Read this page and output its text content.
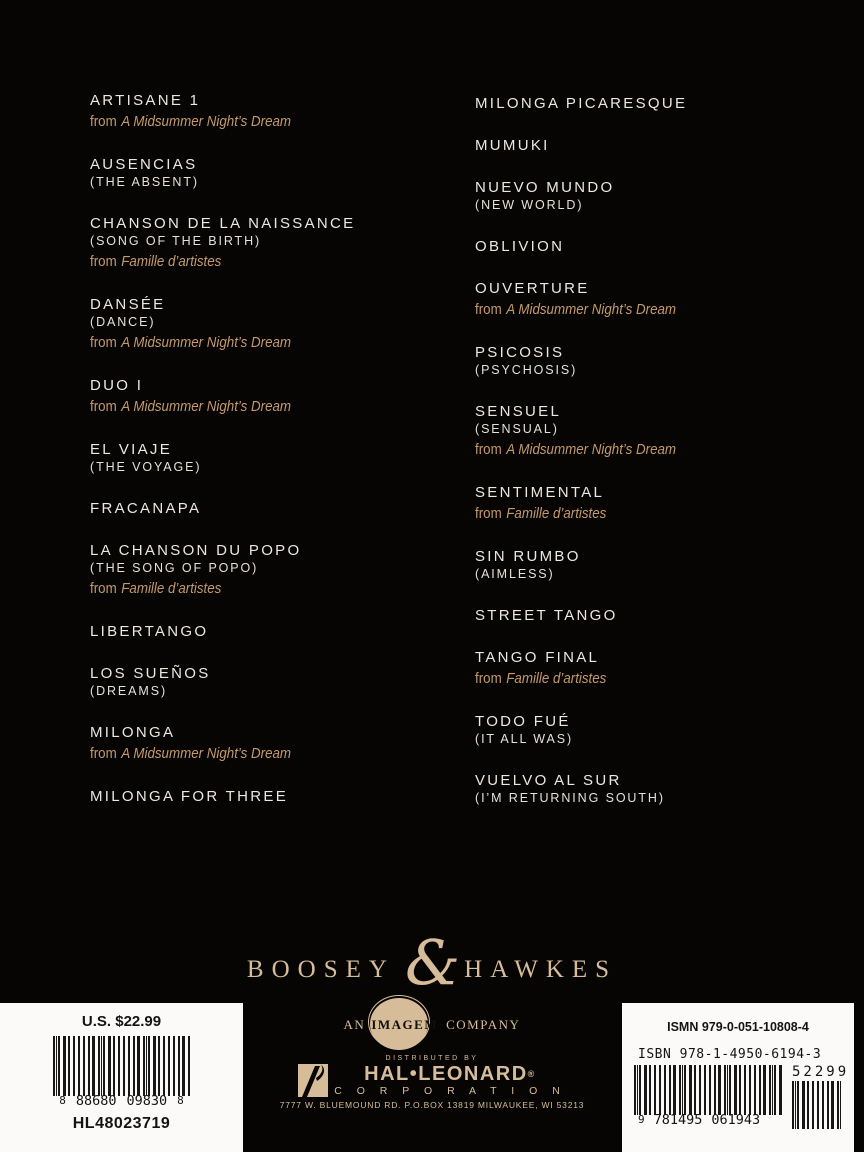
ARTISANE 1
from A Midsummer Night’s Dream
AUSENCIAS
(THE ABSENT)
CHANSON DE LA NAISSANCE
(SONG OF THE BIRTH)
from Famille d’artistes
DANSÉE
(DANCE)
from A Midsummer Night’s Dream
DUO I
from A Midsummer Night’s Dream
EL VIAJE
(THE VOYAGE)
FRACANAPA
LA CHANSON DU POPO
(THE SONG OF POPO)
from Famille d’artistes
LIBERTANGO
LOS SUEÑOS
(DREAMS)
MILONGA
from A Midsummer Night’s Dream
MILONGA FOR THREE
MILONGA PICARESQUE
MUMUKI
NUEVO MUNDO
(NEW WORLD)
OBLIVION
OUVERTURE
from A Midsummer Night’s Dream
PSICOSIS
(PSYCHOSIS)
SENSUEL
(SENSUAL)
from A Midsummer Night’s Dream
SENTIMENTAL
from Famille d’artistes
SIN RUMBO
(AIMLESS)
STREET TANGO
TANGO FINAL
from Famille d’artistes
TODO FUÉ
(IT ALL WAS)
VUELVO AL SUR
(I’M RETURNING SOUTH)
BOOSEY & HAWKES
AN IMAGEM COMPANY
DISTRIBUTED BY
HAL•LEONARD®
C O R P O R A T I O N
7777 W. BLUEMOUND RD. P.O.BOX 13819 MILWAUKEE, WI 53213
U.S. $22.99
8 88680 09830 8
HL48023719
ISMN 979-0-051-10808-4
ISBN 978-1-4950-6194-3
9 781495 061943
52299
